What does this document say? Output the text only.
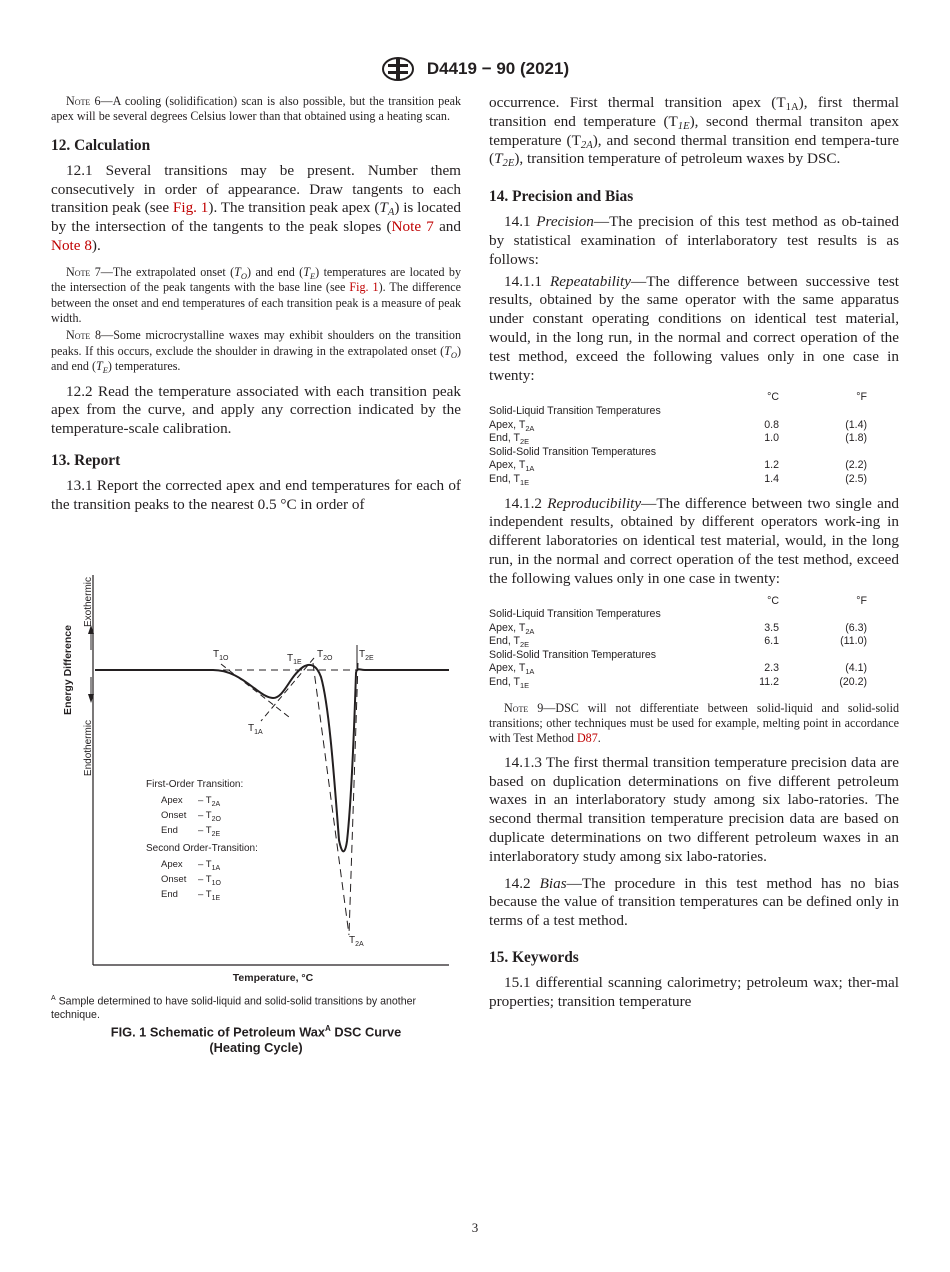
D4419 − 90 (2021)

Note 6—A cooling (solidification) scan is also possible, but the transition peak apex will be several degrees Celsius lower than that obtained using a heating scan.

12. Calculation

12.1 Several transitions may be present. Number them consecutively in order of appearance. Draw tangents to each transition peak (see Fig. 1). The transition peak apex $(T_A)$ is located by the intersection of the tangents to the peak slopes (Note 7 and Note 8).

Note 7—The extrapolated onset $(T_O)$ and end $(T_E)$ temperatures are located by the intersection of the peak tangents with the base line (see Fig. 1). The difference between the onset and end temperatures of each transition peak is a measure of peak width.

Note 8—Some microcrystalline waxes may exhibit shoulders on the transition peaks. If this occurs, exclude the shoulder in drawing in the extrapolated onset $(T_O)$ and end $(T_E)$ temperatures.

12.2 Read the temperature associated with each transition peak apex from the curve, and apply any correction indicated by the temperature-scale calibration.

13. Report

13.1 Report the corrected apex and end temperatures for each of the transition peaks to the nearest 0.5 °C in order of

Energy Difference
Exothermic
Endothermic
$T_{1O}$	$T_{1E}$
$T_{2O}$	$T_{2E}$
$T_{1A}$
$T_{2A}$
First-Order Transition:
Apex – $T_{2A}$
Onset – $T_{2O}$
End – $T_{2E}$
Second Order-Transition:
Apex – $T_{1A}$
Onset – $T_{1O}$
End – $T_{1E}$
Temperature, °C
$^A$ Sample determined to have solid-liquid and solid-solid transitions by another technique.
FIG. 1 Schematic of Petroleum Wax$^A$ DSC Curve
(Heating Cycle)

occurrence. First thermal transition apex $(T_{1A})$, first thermal transition end temperature $(T_{1E})$, second thermal transiton apex temperature $(T_{2A})$, and second thermal transition end tempera-ture $(T_{2E})$, transition temperature of petroleum waxes by DSC.

14. Precision and Bias

14.1 Precision—The precision of this test method as ob-tained by statistical examination of interlaboratory test results is as follows:

14.1.1 Repeatability—The difference between successive test results, obtained by the same operator with the same apparatus under constant operating conditions on identical test material, would, in the long run, in the normal and correct operation of the test method, exceed the following values only in one case in twenty:

	°C	°F
Solid-Liquid Transition Temperatures		
Apex, $T_{2A}$	0.8	(1.4)
End, $T_{2E}$	1.0	(1.8)
Solid-Solid Transition Temperatures		
Apex, $T_{1A}$	1.2	(2.2)
End, $T_{1E}$	1.4	(2.5)

14.1.2 Reproducibility—The difference between two single and independent results, obtained by different operators work-ing in different laboratories on identical test material, would, in the long run, in the normal and correct operation of the test method, exceed the following values only in one case in twenty:

	°C	°F
Solid-Liquid Transition Temperatures		
Apex, $T_{2A}$	3.5	(6.3)
End, $T_{2E}$	6.1	(11.0)
Solid-Solid Transition Temperatures		
Apex, $T_{1A}$	2.3	(4.1)
End, $T_{1E}$	11.2	(20.2)

Note 9—DSC will not differentiate between solid-liquid and solid-solid transitions; other techniques must be used for example, melting point in accordance with Test Method D87.

14.1.3 The first thermal transition temperature precision data are based on duplication determinations on five different petroleum waxes in an interlaboratory study among six labo-ratories. The second thermal transition temperature precision data are based on duplicate determinations on two different petroleum waxes in an interlaboratory study among six labo-ratories.

14.2 Bias—The procedure in this test method has no bias because the value of transition temperatures can be defined only in terms of a test method.

15. Keywords

15.1 differential scanning calorimetry; petroleum wax; ther-mal properties; transition temperature

3
